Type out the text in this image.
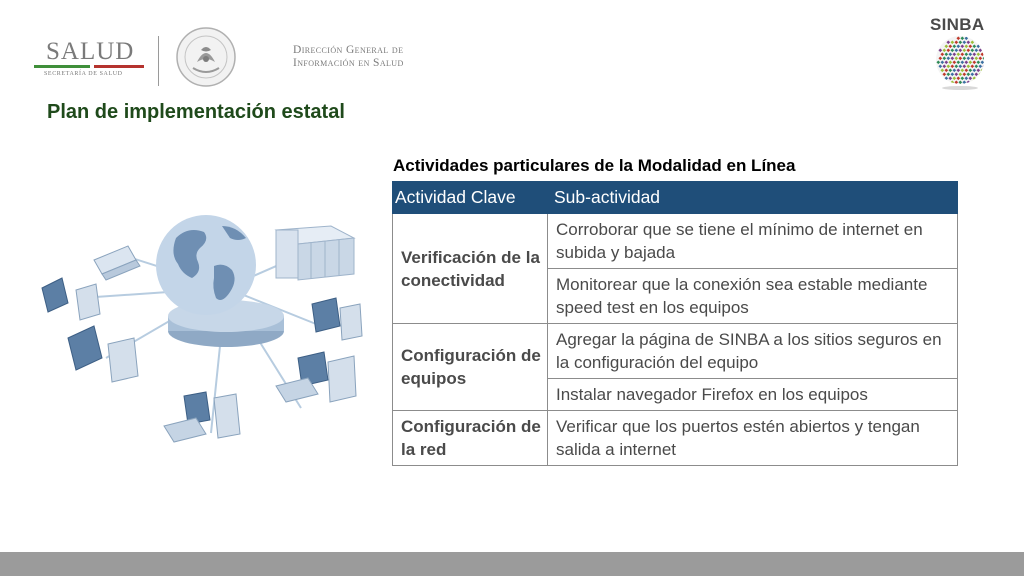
SALUD
SECRETARÍA DE SALUD
Dirección General de
Información en Salud
SINBA
Plan de implementación estatal
Actividades particulares de la Modalidad en Línea
Actividad Clave	Sub-actividad
Verificación de la conectividad	Corroborar que se tiene el mínimo de internet en subida y bajada
	Monitorear que la conexión sea estable mediante speed test en los equipos
Configuración de equipos	Agregar la página de SINBA a los sitios seguros en la configuración del equipo
	Instalar navegador Firefox en los equipos
Configuración de la red	Verificar que los puertos estén abiertos y tengan salida a internet
